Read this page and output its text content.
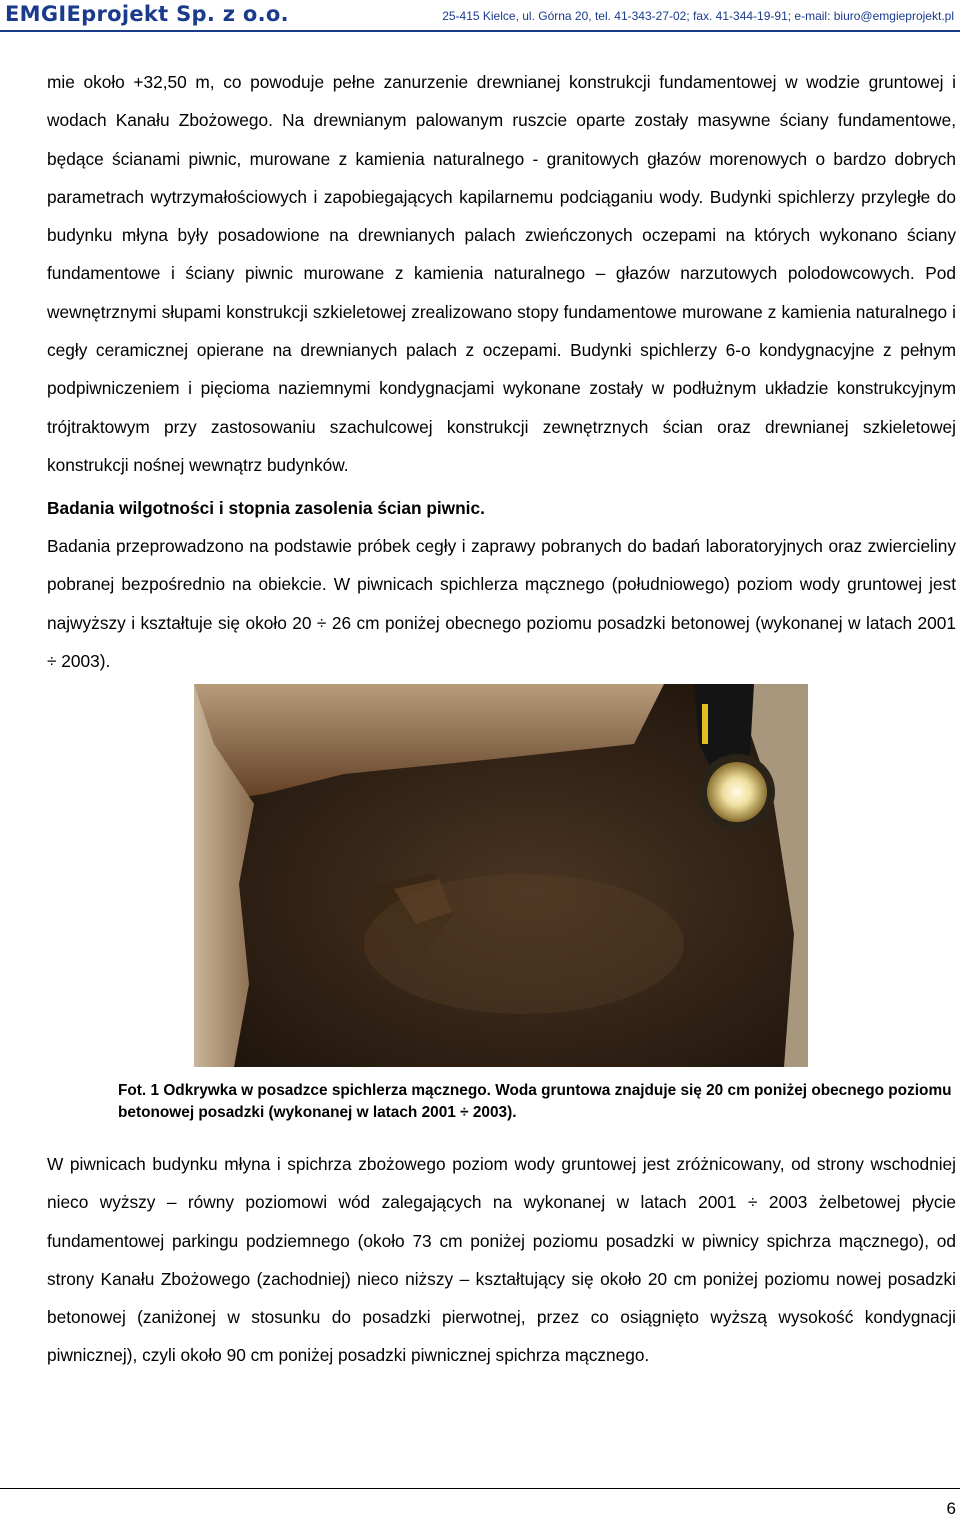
EMGIEprojekt Sp. z o.o.	25-415 Kielce, ul. Górna 20, tel. 41-343-27-02; fax. 41-344-19-91; e-mail: biuro@emgieprojekt.pl

mie około +32,50 m, co powoduje pełne zanurzenie drewnianej konstrukcji fundamentowej w wodzie gruntowej i wodach Kanału Zbożowego. Na drewnianym palowanym ruszcie oparte zostały masywne ściany fundamentowe, będące ścianami piwnic, murowane z kamienia naturalnego - granitowych głazów morenowych o bardzo dobrych parametrach wytrzymałościowych i zapobiegających kapilarnemu podciąganiu wody. Budynki spichlerzy przyległe do budynku młyna były posadowione na drewnianych palach zwieńczonych oczepami na których wykonano ściany fundamentowe i ściany piwnic murowane z kamienia naturalnego – głazów narzutowych polodowcowych. Pod wewnętrznymi słupami konstrukcji szkieletowej zrealizowano stopy fundamentowe murowane z kamienia naturalnego i cegły ceramicznej opierane na drewnianych palach z oczepami. Budynki spichlerzy 6-o kondygnacyjne z pełnym podpiwniczeniem i pięcioma naziemnymi kondygnacjami wykonane zostały w podłużnym układzie konstrukcyjnym trójtraktowym przy zastosowaniu szachulcowej konstrukcji zewnętrznych ścian oraz drewnianej szkieletowej konstrukcji nośnej wewnątrz budynków.

Badania wilgotności i stopnia zasolenia ścian piwnic.

Badania przeprowadzono na podstawie próbek cegły i zaprawy pobranych do badań laboratoryjnych oraz zwiercieliny pobranej bezpośrednio na obiekcie. W piwnicach spichlerza mącznego (południowego) poziom wody gruntowej jest najwyższy i kształtuje się około 20 ÷ 26 cm poniżej obecnego poziomu posadzki betonowej (wykonanej w latach 2001 ÷ 2003).

Fot. 1 Odkrywka w posadzce spichlerza mącznego. Woda gruntowa znajduje się 20 cm poniżej obecnego poziomu betonowej posadzki (wykonanej w latach 2001 ÷ 2003).

W piwnicach budynku młyna i spichrza zbożowego poziom wody gruntowej jest zróżnicowany, od strony wschodniej nieco wyższy – równy poziomowi wód zalegających na wykonanej w latach 2001 ÷ 2003 żelbetowej płycie fundamentowej parkingu podziemnego (około 73 cm poniżej poziomu posadzki w piwnicy spichrza mącznego), od strony Kanału Zbożowego (zachodniej) nieco niższy – kształtujący się około 20 cm poniżej poziomu nowej posadzki betonowej (zaniżonej w stosunku do posadzki pierwotnej, przez co osiągnięto wyższą wysokość kondygnacji piwnicznej), czyli około 90 cm poniżej posadzki piwnicznej spichrza mącznego.

6
